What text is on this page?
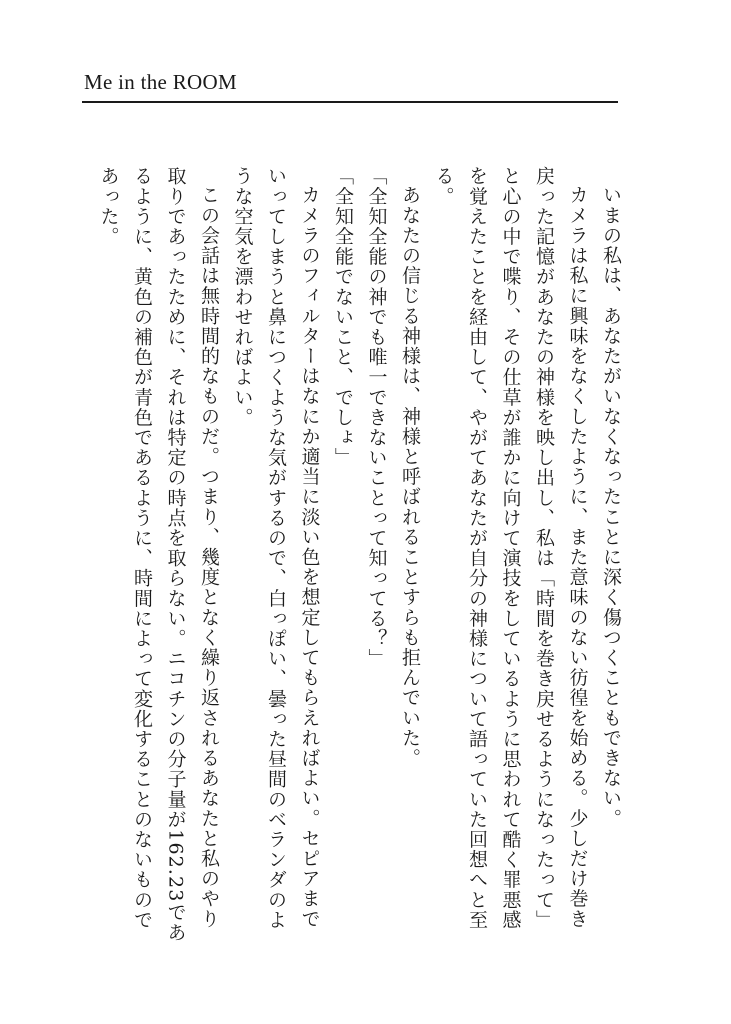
Me in the ROOM

いまの私は、あなたがいなくなったことに深く傷つくこともできない。

カメラは私に興味をなくしたように、また意味のない彷徨を始める。少しだけ巻き戻った記憶があなたの神様を映し出し、私は「時間を巻き戻せるようになったって」と心の中で喋り、その仕草が誰かに向けて演技をしているように思われて酷く罪悪感を覚えたことを経由して、やがてあなたが自分の神様について語っていた回想へと至る。

あなたの信じる神様は、神様と呼ばれることすらも拒んでいた。

「全知全能の神でも唯一できないことって知ってる？」

「全知全能でないこと、でしょ」

カメラのフィルターはなにか適当に淡い色を想定してもらえればよい。セピアまでいってしまうと鼻につくような気がするので、白っぽい、曇った昼間のベランダのような空気を漂わせればよい。

この会話は無時間的なものだ。つまり、幾度となく繰り返されるあなたと私のやり取りであったために、それは特定の時点を取らない。ニコチンの分子量が162.23であるように、黄色の補色が青色であるように、時間によって変化することのないものであった。
